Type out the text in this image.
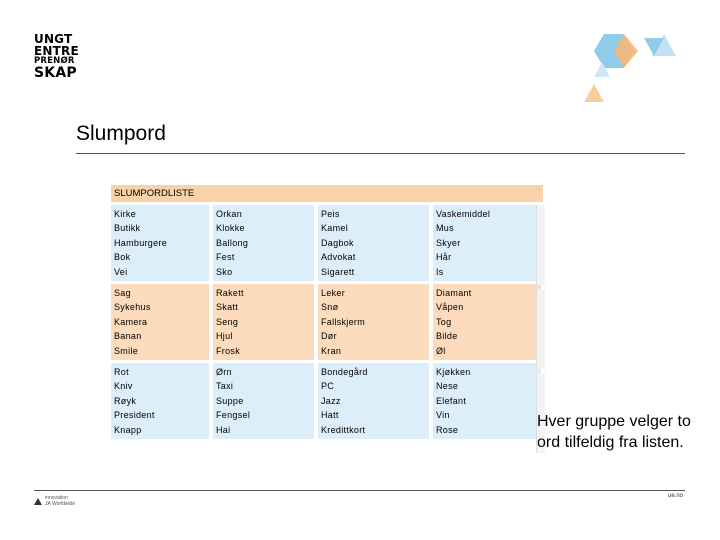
UNGT
ENTRE
PRENØR
SKAP
Slumpord
SLUMPORDLISTE
Kirke
Butikk
Hamburgere
Bok
Vei
Orkan
Klokke
Ballong
Fest
Sko
Peis
Kamel
Dagbok
Advokat
Sigarett
Vaskemiddel
Mus
Skyer
Hår
Is
Sag
Sykehus
Kamera
Banan
Smile
Rakett
Skatt
Seng
Hjul
Frosk
Leker
Snø
Fallskjerm
Dør
Kran
Diamant
Våpen
Tog
Bilde
Øl
Rot
Kniv
Røyk
President
Knapp
Ørn
Taxi
Suppe
Fengsel
Hai
Bondegård
PC
Jazz
Hatt
Kredittkort
Kjøkken
Nese
Elefant
Vin
Rose	Hver gruppe velger to ord tilfeldig fra listen.
innovation
JA Worldwide
ue.no
